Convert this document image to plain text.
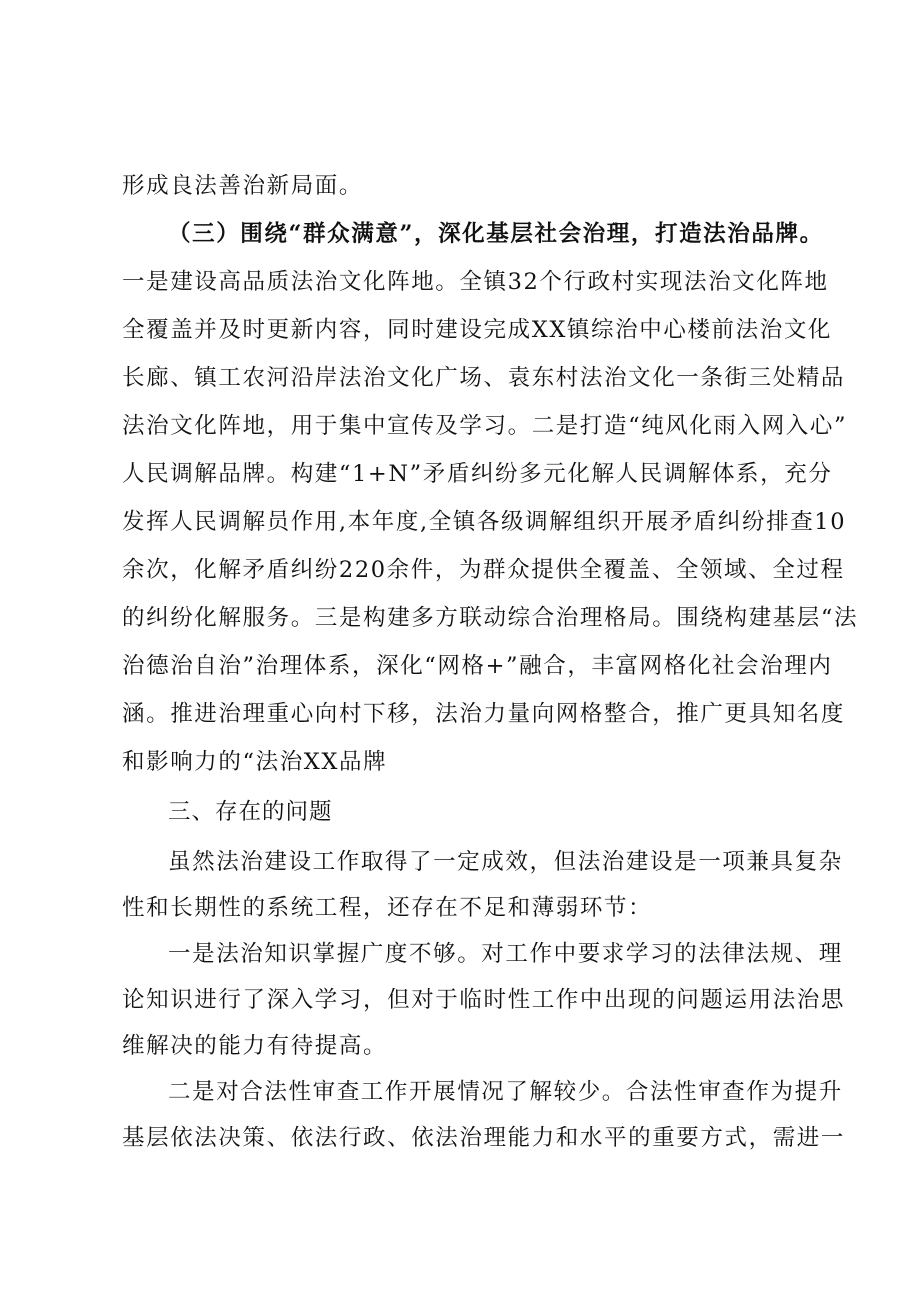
形成良法善治新局面。
（三）围绕“群众满意”，深化基层社会治理，打造法治品牌。
一是建设高品质法治文化阵地。全镇32个行政村实现法治文化阵地
全覆盖并及时更新内容，同时建设完成XX镇综治中心楼前法治文化
长廊、镇工农河沿岸法治文化广场、袁东村法治文化一条街三处精品
法治文化阵地，用于集中宣传及学习。二是打造“纯风化雨入网入心”
人民调解品牌。构建“1+N”矛盾纠纷多元化解人民调解体系，充分
发挥人民调解员作用,本年度,全镇各级调解组织开展矛盾纠纷排查10
余次，化解矛盾纠纷220余件，为群众提供全覆盖、全领域、全过程
的纠纷化解服务。三是构建多方联动综合治理格局。围绕构建基层“法
治德治自治”治理体系，深化“网格+”融合，丰富网格化社会治理内
涵。推进治理重心向村下移，法治力量向网格整合，推广更具知名度
和影响力的“法治XX品牌
三、存在的问题
虽然法治建设工作取得了一定成效，但法治建设是一项兼具复杂
性和长期性的系统工程，还存在不足和薄弱环节：
一是法治知识掌握广度不够。对工作中要求学习的法律法规、理
论知识进行了深入学习，但对于临时性工作中出现的问题运用法治思
维解决的能力有待提高。
二是对合法性审查工作开展情况了解较少。合法性审查作为提升
基层依法决策、依法行政、依法治理能力和水平的重要方式，需进一
